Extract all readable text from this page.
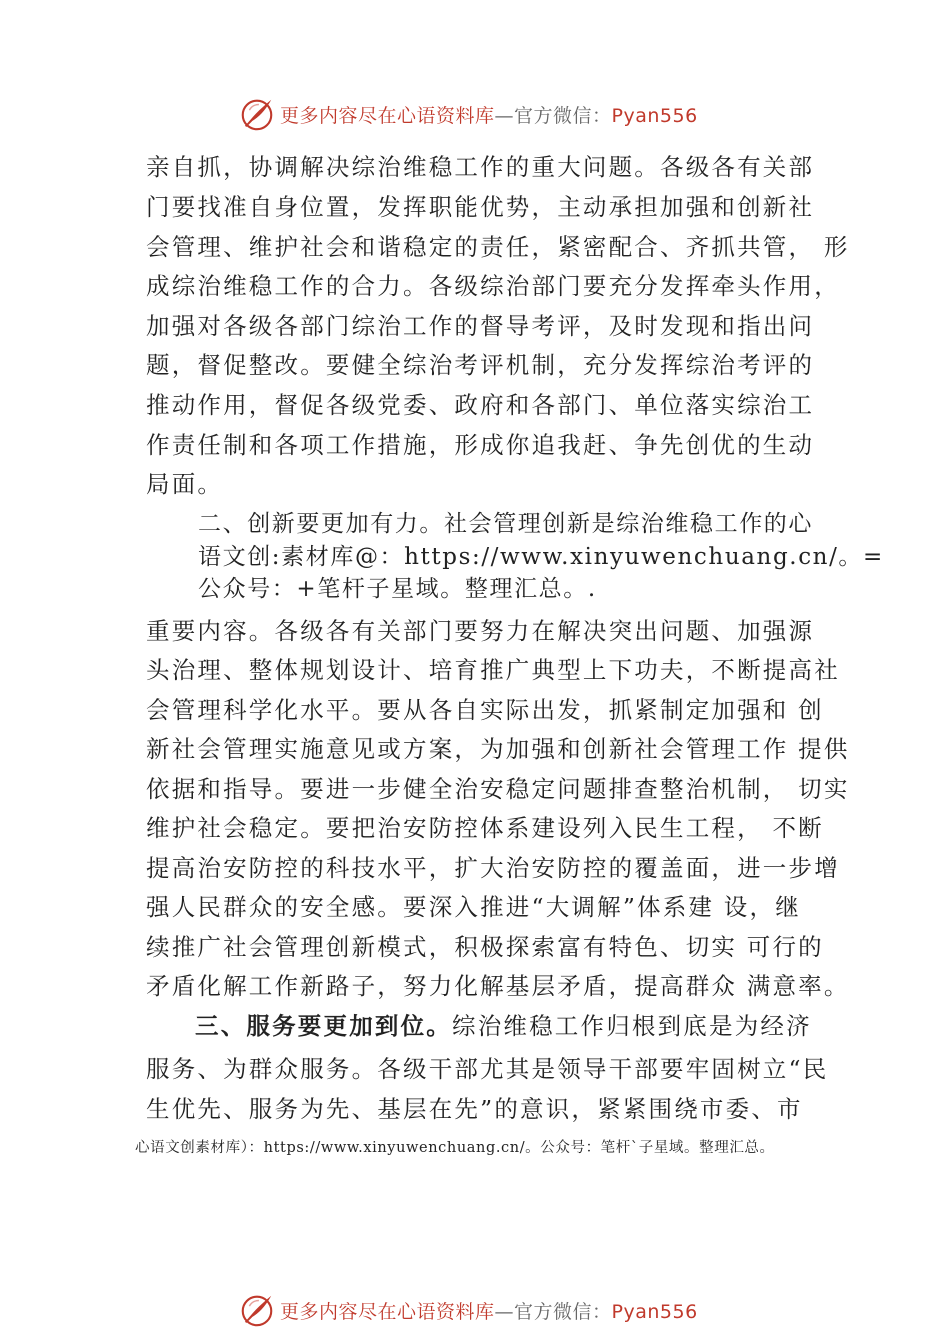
更多内容尽在心语资料库—官方微信：Pyan556
亲自抓，协调解决综治维稳工作的重大问题。各级各有关部
门要找准自身位置，发挥职能优势，主动承担加强和创新社
会管理、维护社会和谐稳定的责任，紧密配合、齐抓共管， 形
成综治维稳工作的合力。各级综治部门要充分发挥牵头作用，
加强对各级各部门综治工作的督导考评，及时发现和指出问
题，督促整改。要健全综治考评机制，充分发挥综治考评的
推动作用，督促各级党委、政府和各部门、单位落实综治工
作责任制和各项工作措施，形成你追我赶、争先创优的生动
局面。
二、创新要更加有力。社会管理创新是综治维稳工作的心
语文创:素材库@：https://www.xinyuwenchuang.cn/。=
公众号：+笔杆子星域。整理汇总。.
重要内容。各级各有关部门要努力在解决突出问题、加强源
头治理、整体规划设计、培育推广典型上下功夫，不断提高社
会管理科学化水平。要从各自实际出发，抓紧制定加强和 创
新社会管理实施意见或方案，为加强和创新社会管理工作 提供
依据和指导。要进一步健全治安稳定问题排查整治机制， 切实
维护社会稳定。要把治安防控体系建设列入民生工程， 不断
提高治安防控的科技水平，扩大治安防控的覆盖面，进一步增
强人民群众的安全感。要深入推进“大调解”体系建 设，继
续推广社会管理创新模式，积极探索富有特色、切实 可行的
矛盾化解工作新路子，努力化解基层矛盾，提高群众 满意率。
三、服务要更加到位。综治维稳工作归根到底是为经济
服务、为群众服务。各级干部尤其是领导干部要牢固树立“民
生优先、服务为先、基层在先”的意识，紧紧围绕市委、市
心语文创素材库）：https://www.xinyuwenchuang.cn/。公众号：笔杆`子星域。整理汇总。
更多内容尽在心语资料库—官方微信：Pyan556
